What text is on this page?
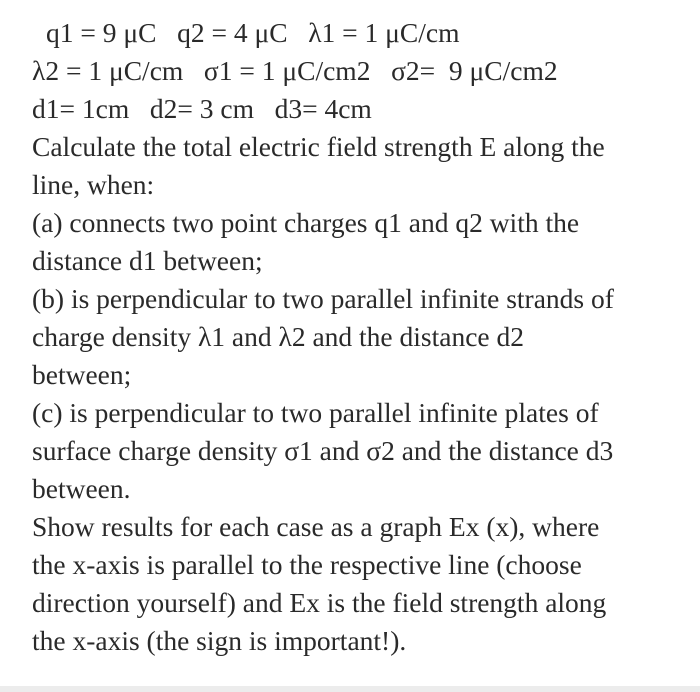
q1 = 9 μC   q2 = 4 μC   λ1 = 1 μC/cm
λ2 = 1 μC/cm   σ1 = 1 μC/cm2   σ2=  9 μC/cm2
d1= 1cm   d2= 3 cm   d3= 4cm
Calculate the total electric field strength E along the
line, when:
(a) connects two point charges q1 and q2 with the
distance d1 between;
(b) is perpendicular to two parallel infinite strands of
charge density λ1 and λ2 and the distance d2
between;
(c) is perpendicular to two parallel infinite plates of
surface charge density σ1 and σ2 and the distance d3
between.
Show results for each case as a graph Ex (x), where
the x-axis is parallel to the respective line (choose
direction yourself) and Ex is the field strength along
the x-axis (the sign is important!).
